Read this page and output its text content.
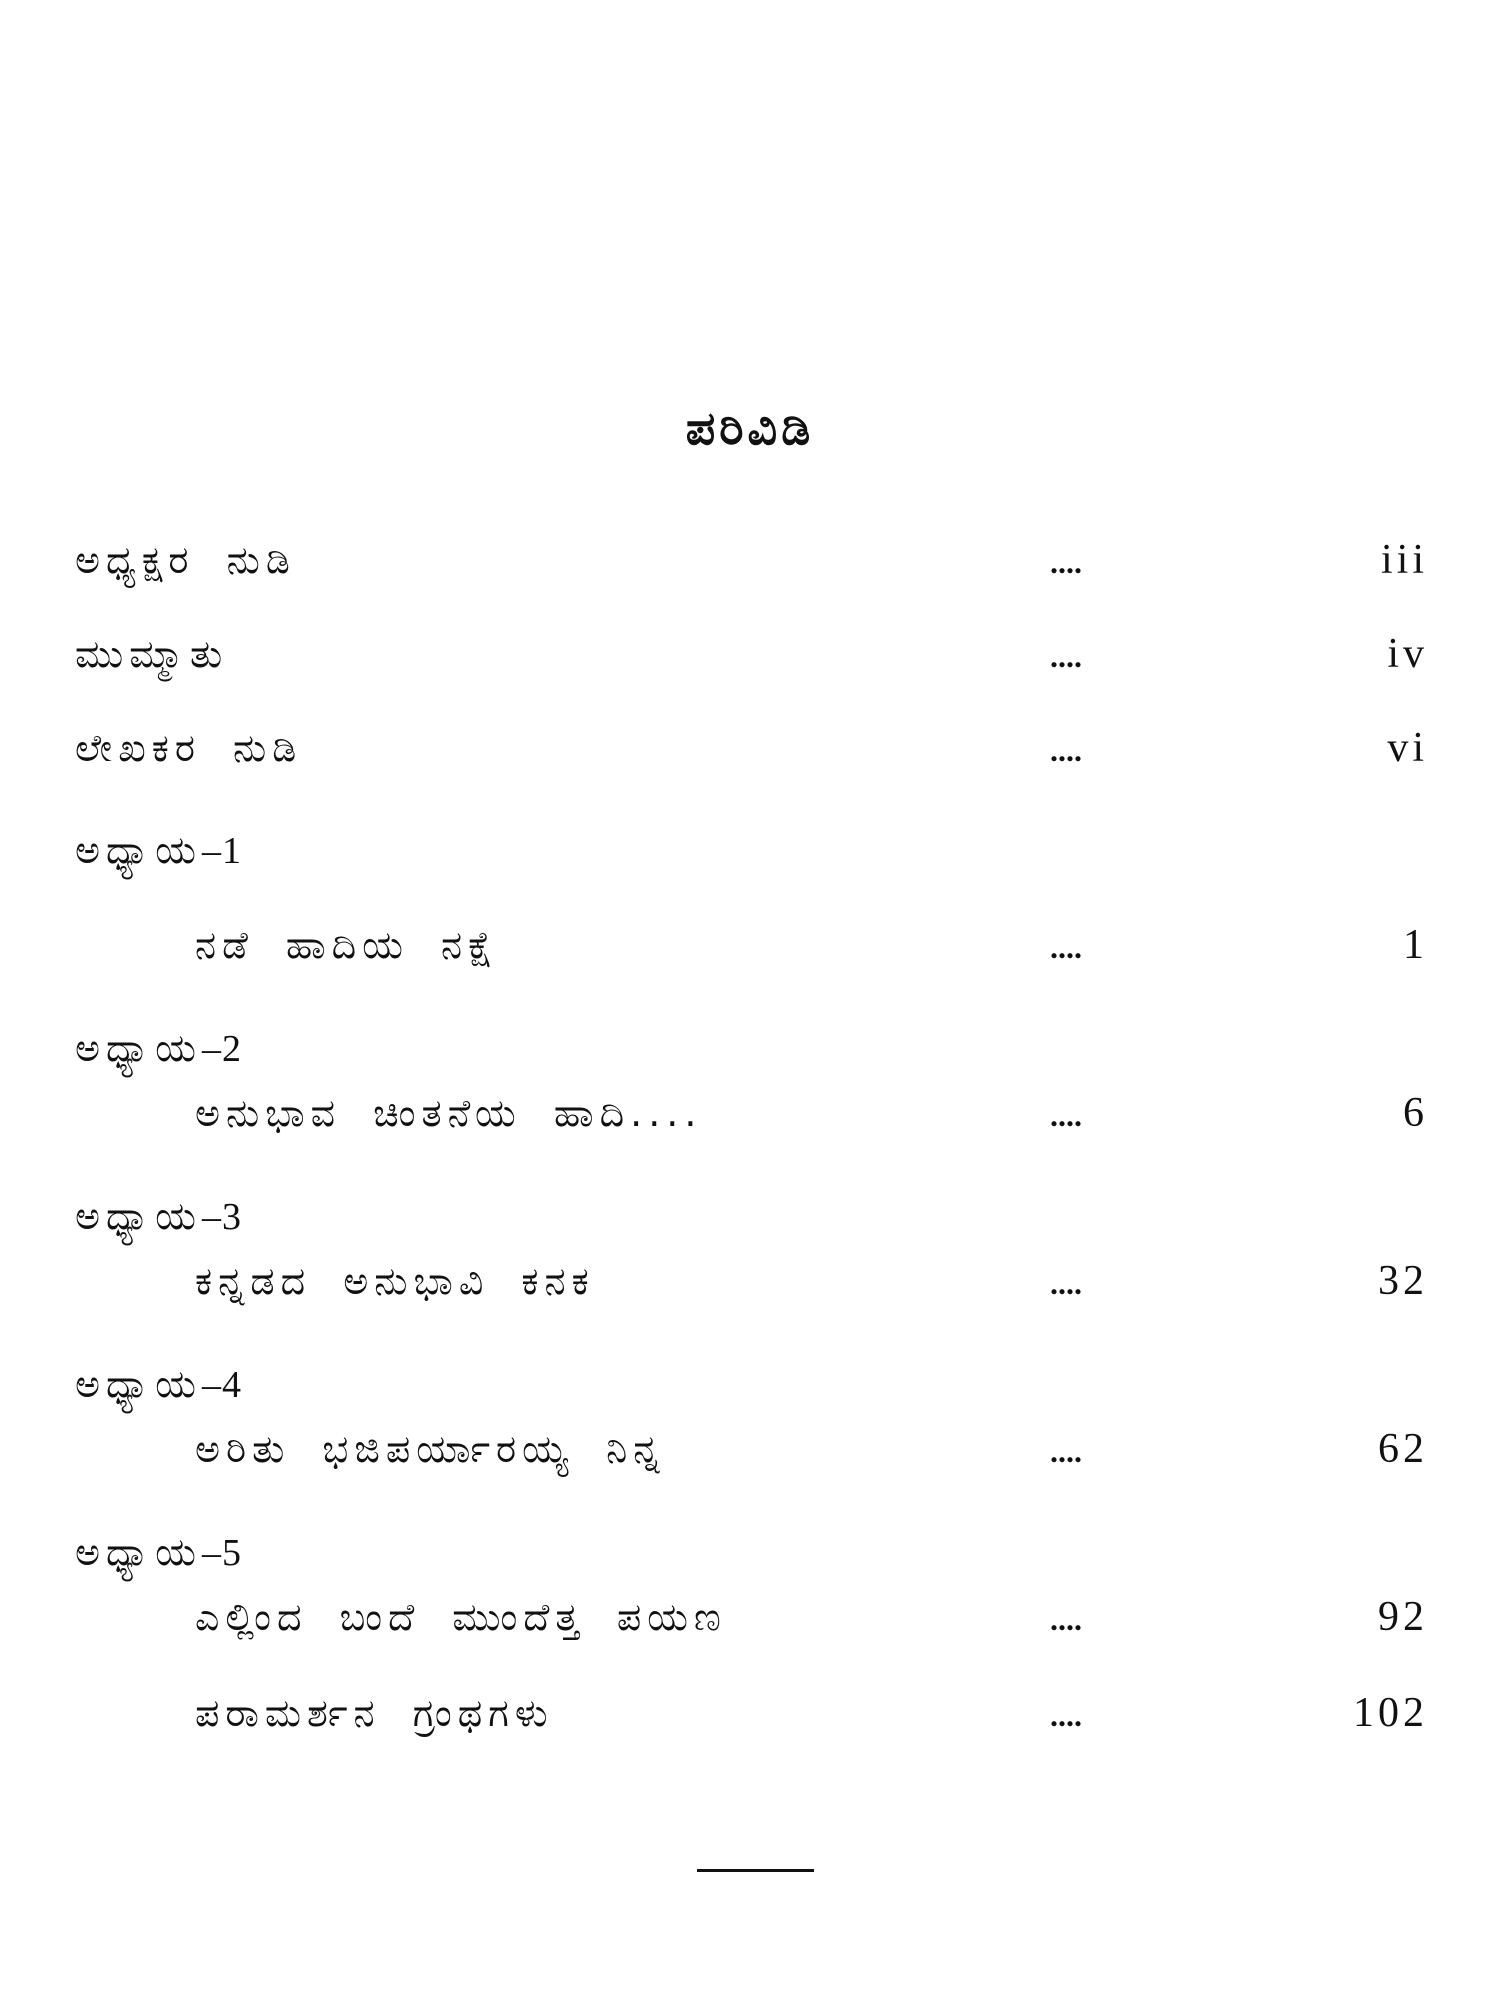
ಪರಿವಿಡಿ
ಅಧ್ಯಕ್ಷರ ನುಡಿ	....	iii
ಮುಮ್ಮಾತು	....	iv
ಲೇಖಕರ ನುಡಿ	....	vi
ಅಧ್ಯಾಯ–1
ನಡೆ ಹಾದಿಯ ನಕ್ಷೆ	....	1
ಅಧ್ಯಾಯ–2
ಅನುಭಾವ ಚಿಂತನೆಯ ಹಾದಿ....	....	6
ಅಧ್ಯಾಯ–3
ಕನ್ನಡದ ಅನುಭಾವಿ ಕನಕ	....	32
ಅಧ್ಯಾಯ–4
ಅರಿತು ಭಜಿಪರ್ಯಾರಯ್ಯ ನಿನ್ನ	....	62
ಅಧ್ಯಾಯ–5
ಎಲ್ಲಿಂದ ಬಂದೆ ಮುಂದೆತ್ತ ಪಯಣ	....	92
ಪರಾಮರ್ಶನ ಗ್ರಂಥಗಳು	....	102
